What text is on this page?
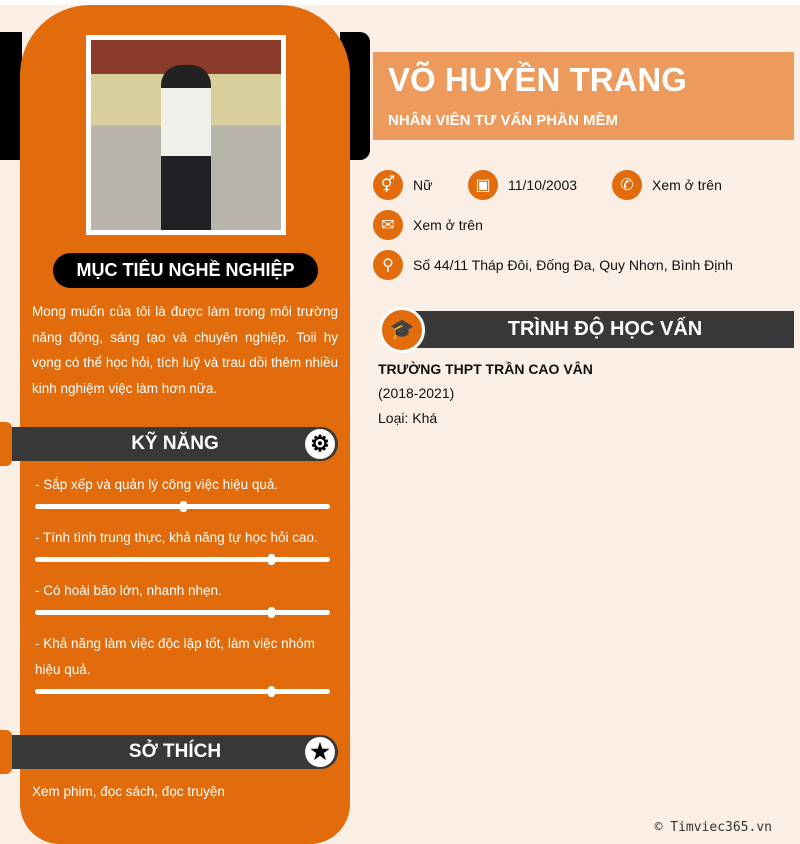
MỤC TIÊU NGHỀ NGHIỆP
Mong muốn của tôi là được làm trong môi trường năng động, sáng tạo và chuyên nghiệp. Toii hy vọng có thể học hỏi, tích luỹ và trau dồi thêm nhiều kinh nghiệm việc làm hơn nữa.
KỸ NĂNG	⚙
- Sắp xếp và quản lý công việc hiệu quả.
- Tính tình trung thực, khả năng tự học hỏi cao.
- Có hoài bão lớn, nhanh nhẹn.
- Khả năng làm việc độc lập tốt, làm việc nhóm hiệu quả.
SỞ THÍCH	★
Xem phim, đọc sách, đọc truyện
VÕ HUYỀN TRANG
NHÂN VIÊN TƯ VẤN PHẦN MỀM
⚥	Nữ	▣	11/10/2003	✆	Xem ở trên
✉	Xem ở trên
⚲	Số 44/11 Tháp Đôi, Đống Đa, Quy Nhơn, Bình Định
TRÌNH ĐỘ HỌC VẤN
🎓
TRƯỜNG THPT TRẦN CAO VÂN
(2018-2021)
Loại: Khá
© Timviec365.vn
